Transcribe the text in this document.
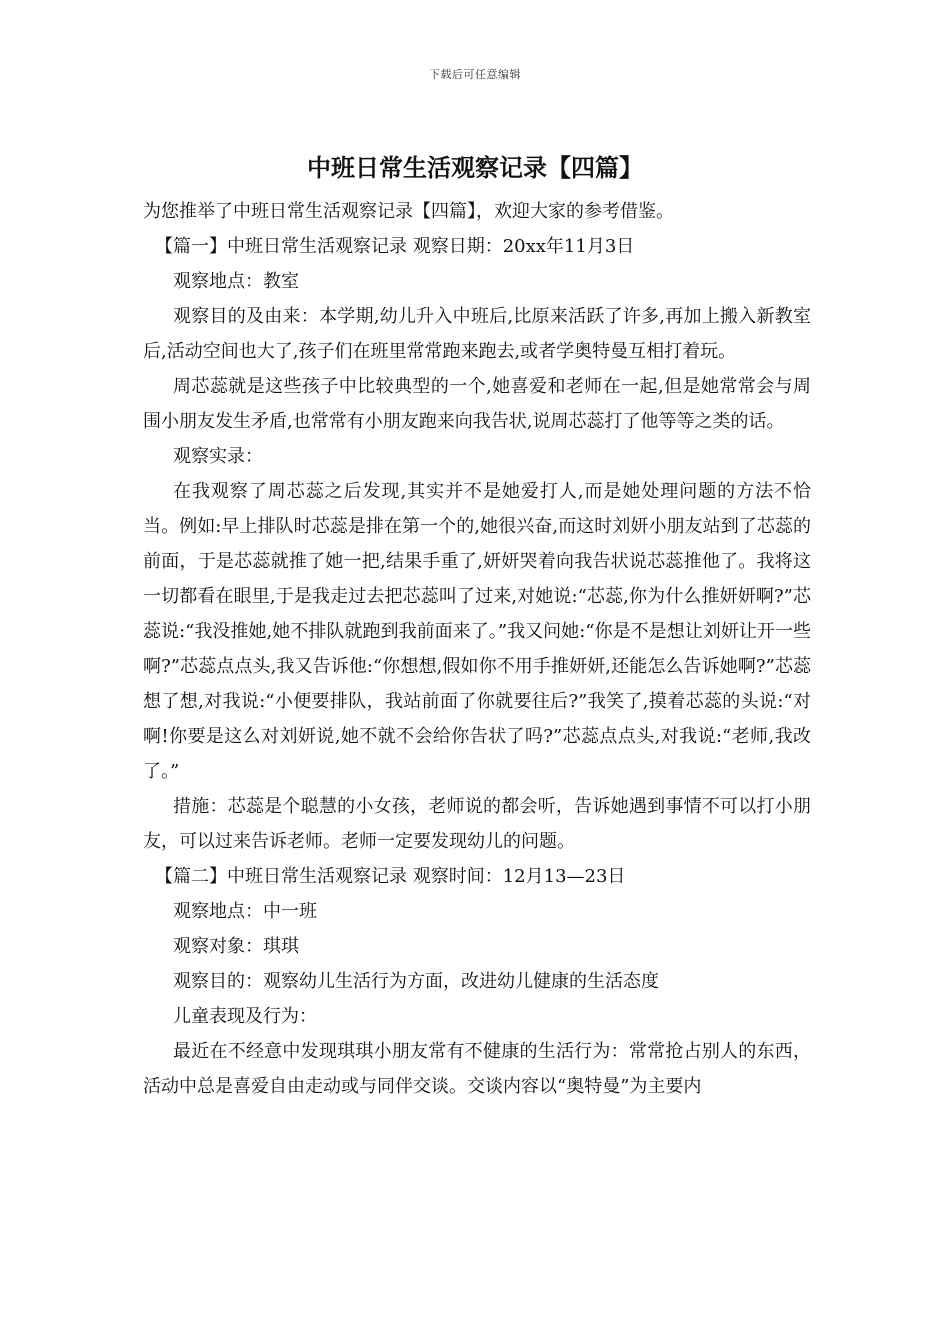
下载后可任意编辑
中班日常生活观察记录【四篇】

为您推举了中班日常生活观察记录【四篇】，欢迎大家的参考借鉴。

【篇一】中班日常生活观察记录 观察日期：20xx年11月3日

观察地点：教室

观察目的及由来：本学期,幼儿升入中班后,比原来活跃了许多,再加上搬入新教室后,活动空间也大了,孩子们在班里常常跑来跑去,或者学奥特曼互相打着玩。

周芯蕊就是这些孩子中比较典型的一个,她喜爱和老师在一起,但是她常常会与周围小朋友发生矛盾,也常常有小朋友跑来向我告状,说周芯蕊打了他等等之类的话。

观察实录：

在我观察了周芯蕊之后发现,其实并不是她爱打人,而是她处理问题的方法不恰当。例如:早上排队时芯蕊是排在第一个的,她很兴奋,而这时刘妍小朋友站到了芯蕊的前面，于是芯蕊就推了她一把,结果手重了,妍妍哭着向我告状说芯蕊推他了。我将这一切都看在眼里,于是我走过去把芯蕊叫了过来,对她说:“芯蕊,你为什么推妍妍啊?”芯蕊说:“我没推她,她不排队就跑到我前面来了。”我又问她:“你是不是想让刘妍让开一些啊?”芯蕊点点头,我又告诉他:“你想想,假如你不用手推妍妍,还能怎么告诉她啊?”芯蕊想了想,对我说:“小便要排队，我站前面了你就要往后?”我笑了,摸着芯蕊的头说:“对啊!你要是这么对刘妍说,她不就不会给你告状了吗?”芯蕊点点头,对我说:“老师,我改了。”

措施：芯蕊是个聪慧的小女孩，老师说的都会听，告诉她遇到事情不可以打小朋友，可以过来告诉老师。老师一定要发现幼儿的问题。

【篇二】中班日常生活观察记录 观察时间：12月13—23日

观察地点：中一班

观察对象：琪琪

观察目的：观察幼儿生活行为方面，改进幼儿健康的生活态度

儿童表现及行为：

最近在不经意中发现琪琪小朋友常有不健康的生活行为：常常抢占别人的东西，活动中总是喜爱自由走动或与同伴交谈。交谈内容以“奥特曼”为主要内
